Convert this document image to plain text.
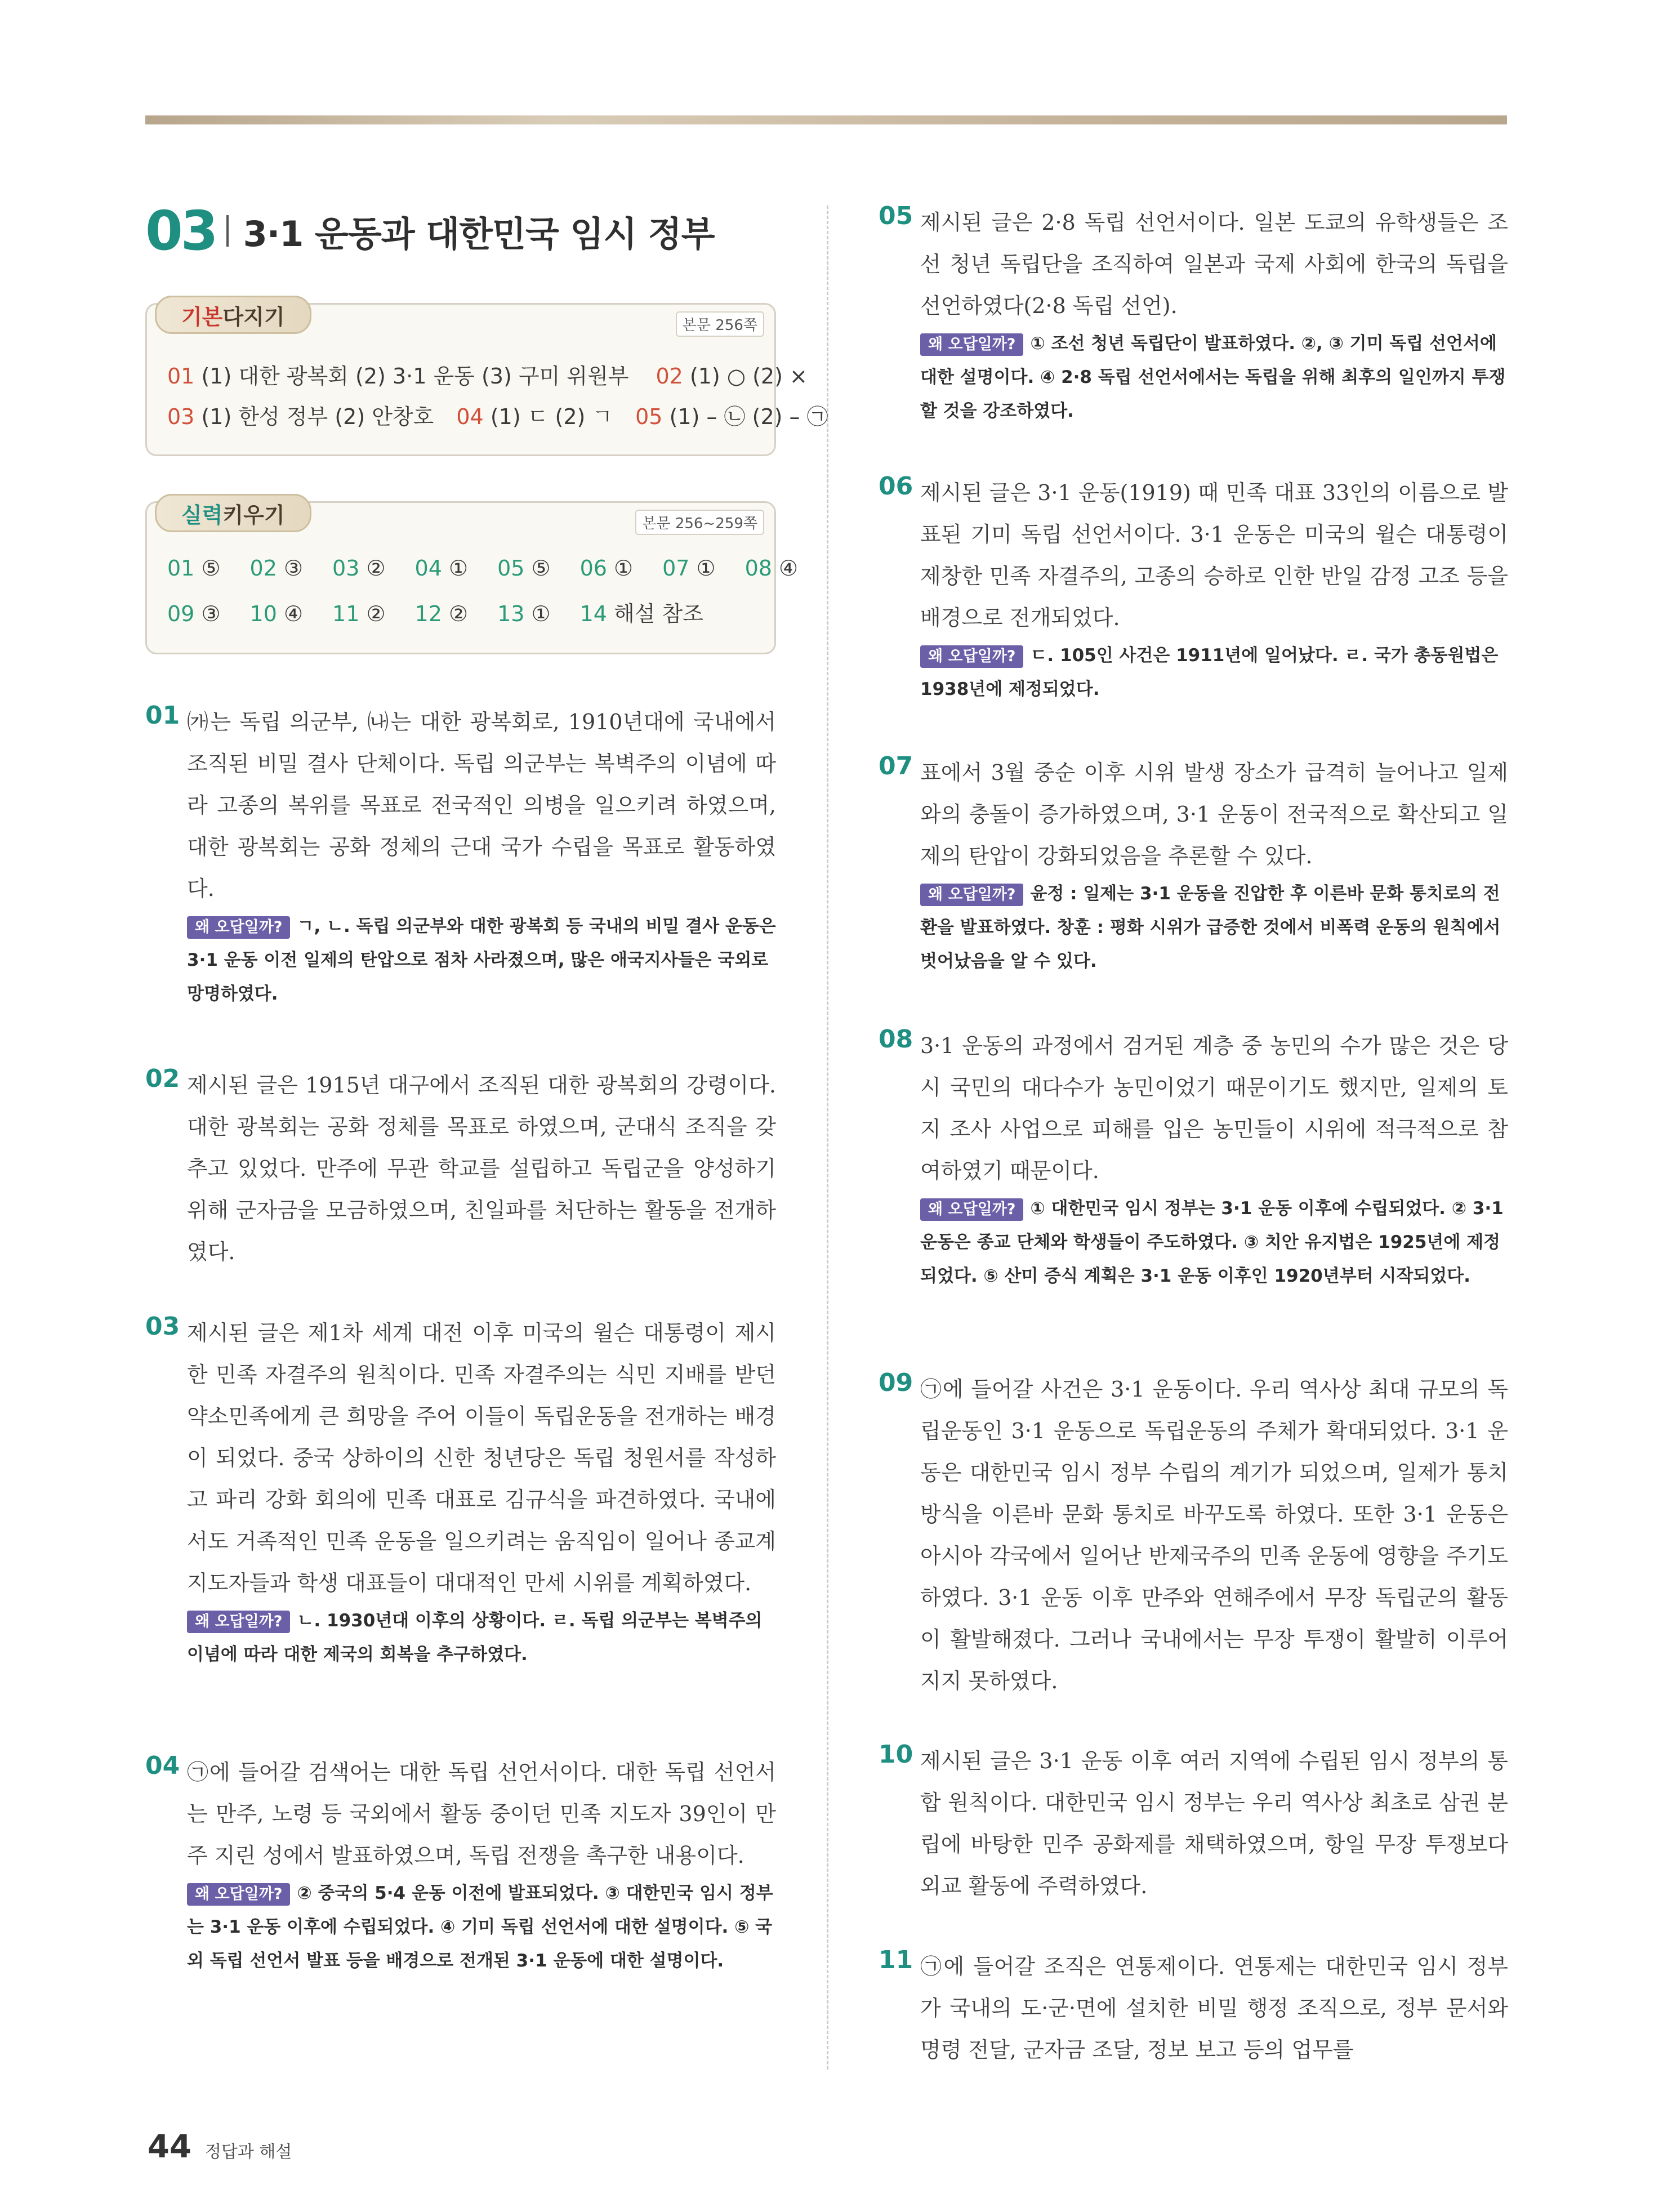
03 3·1 운동과 대한민국 임시 정부
기본 다지기	본문 256쪽
01 (1) 대한 광복회 (2) 3·1 운동 (3) 구미 위원부 02 (1) ○ (2) ×
03 (1) 한성 정부 (2) 안창호 04 (1) ㄷ (2) ㄱ 05 (1) – ㉡ (2) – ㉠
실력 키우기	본문 256~259쪽
01 ⑤ 02 ③ 03 ② 04 ① 05 ⑤ 06 ① 07 ① 08 ④
09 ③ 10 ④ 11 ② 12 ② 13 ① 14 해설 참조
01 ㈎는 독립 의군부, ㈏는 대한 광복회로, 1910년대에 국내에서 조직된 비밀 결사 단체이다. 독립 의군부는 복벽주의 이념에 따라 고종의 복위를 목표로 전국적인 의병을 일으키려 하였으며, 대한 광복회는 공화 정체의 근대 국가 수립을 목표로 활동하였다.
왜 오답일까? ㄱ, ㄴ. 독립 의군부와 대한 광복회 등 국내의 비밀 결사 운동은 3·1 운동 이전 일제의 탄압으로 점차 사라졌으며, 많은 애국지사들은 국외로 망명하였다.
02 제시된 글은 1915년 대구에서 조직된 대한 광복회의 강령이다. 대한 광복회는 공화 정체를 목표로 하였으며, 군대식 조직을 갖추고 있었다. 만주에 무관 학교를 설립하고 독립군을 양성하기 위해 군자금을 모금하였으며, 친일파를 처단하는 활동을 전개하였다.
03 제시된 글은 제1차 세계 대전 이후 미국의 윌슨 대통령이 제시한 민족 자결주의 원칙이다. 민족 자결주의는 식민 지배를 받던 약소민족에게 큰 희망을 주어 이들이 독립운동을 전개하는 배경이 되었다. 중국 상하이의 신한 청년당은 독립 청원서를 작성하고 파리 강화 회의에 민족 대표로 김규식을 파견하였다. 국내에서도 거족적인 민족 운동을 일으키려는 움직임이 일어나 종교계 지도자들과 학생 대표들이 대대적인 만세 시위를 계획하였다.
왜 오답일까? ㄴ. 1930년대 이후의 상황이다. ㄹ. 독립 의군부는 복벽주의 이념에 따라 대한 제국의 회복을 추구하였다.
04 ㉠에 들어갈 검색어는 대한 독립 선언서이다. 대한 독립 선언서는 만주, 노령 등 국외에서 활동 중이던 민족 지도자 39인이 만주 지린 성에서 발표하였으며, 독립 전쟁을 촉구한 내용이다.
왜 오답일까? ② 중국의 5·4 운동 이전에 발표되었다. ③ 대한민국 임시 정부는 3·1 운동 이후에 수립되었다. ④ 기미 독립 선언서에 대한 설명이다. ⑤ 국외 독립 선언서 발표 등을 배경으로 전개된 3·1 운동에 대한 설명이다.
05 제시된 글은 2·8 독립 선언서이다. 일본 도쿄의 유학생들은 조선 청년 독립단을 조직하여 일본과 국제 사회에 한국의 독립을 선언하였다(2·8 독립 선언).
왜 오답일까? ① 조선 청년 독립단이 발표하였다. ②, ③ 기미 독립 선언서에 대한 설명이다. ④ 2·8 독립 선언서에서는 독립을 위해 최후의 일인까지 투쟁할 것을 강조하였다.
06 제시된 글은 3·1 운동(1919) 때 민족 대표 33인의 이름으로 발표된 기미 독립 선언서이다. 3·1 운동은 미국의 윌슨 대통령이 제창한 민족 자결주의, 고종의 승하로 인한 반일 감정 고조 등을 배경으로 전개되었다.
왜 오답일까? ㄷ. 105인 사건은 1911년에 일어났다. ㄹ. 국가 총동원법은 1938년에 제정되었다.
07 표에서 3월 중순 이후 시위 발생 장소가 급격히 늘어나고 일제와의 충돌이 증가하였으며, 3·1 운동이 전국적으로 확산되고 일제의 탄압이 강화되었음을 추론할 수 있다.
왜 오답일까? 윤정 : 일제는 3·1 운동을 진압한 후 이른바 문화 통치로의 전환을 발표하였다. 창훈 : 평화 시위가 급증한 것에서 비폭력 운동의 원칙에서 벗어났음을 알 수 있다.
08 3·1 운동의 과정에서 검거된 계층 중 농민의 수가 많은 것은 당시 국민의 대다수가 농민이었기 때문이기도 했지만, 일제의 토지 조사 사업으로 피해를 입은 농민들이 시위에 적극적으로 참여하였기 때문이다.
왜 오답일까? ① 대한민국 임시 정부는 3·1 운동 이후에 수립되었다. ② 3·1 운동은 종교 단체와 학생들이 주도하였다. ③ 치안 유지법은 1925년에 제정되었다. ⑤ 산미 증식 계획은 3·1 운동 이후인 1920년부터 시작되었다.
09 ㉠에 들어갈 사건은 3·1 운동이다. 우리 역사상 최대 규모의 독립운동인 3·1 운동으로 독립운동의 주체가 확대되었다. 3·1 운동은 대한민국 임시 정부 수립의 계기가 되었으며, 일제가 통치 방식을 이른바 문화 통치로 바꾸도록 하였다. 또한 3·1 운동은 아시아 각국에서 일어난 반제국주의 민족 운동에 영향을 주기도 하였다. 3·1 운동 이후 만주와 연해주에서 무장 독립군의 활동이 활발해졌다. 그러나 국내에서는 무장 투쟁이 활발히 이루어지지 못하였다.
10 제시된 글은 3·1 운동 이후 여러 지역에 수립된 임시 정부의 통합 원칙이다. 대한민국 임시 정부는 우리 역사상 최초로 삼권 분립에 바탕한 민주 공화제를 채택하였으며, 항일 무장 투쟁보다 외교 활동에 주력하였다.
11 ㉠에 들어갈 조직은 연통제이다. 연통제는 대한민국 임시 정부가 국내의 도·군·면에 설치한 비밀 행정 조직으로, 정부 문서와 명령 전달, 군자금 조달, 정보 보고 등의 업무를
44 정답과 해설
